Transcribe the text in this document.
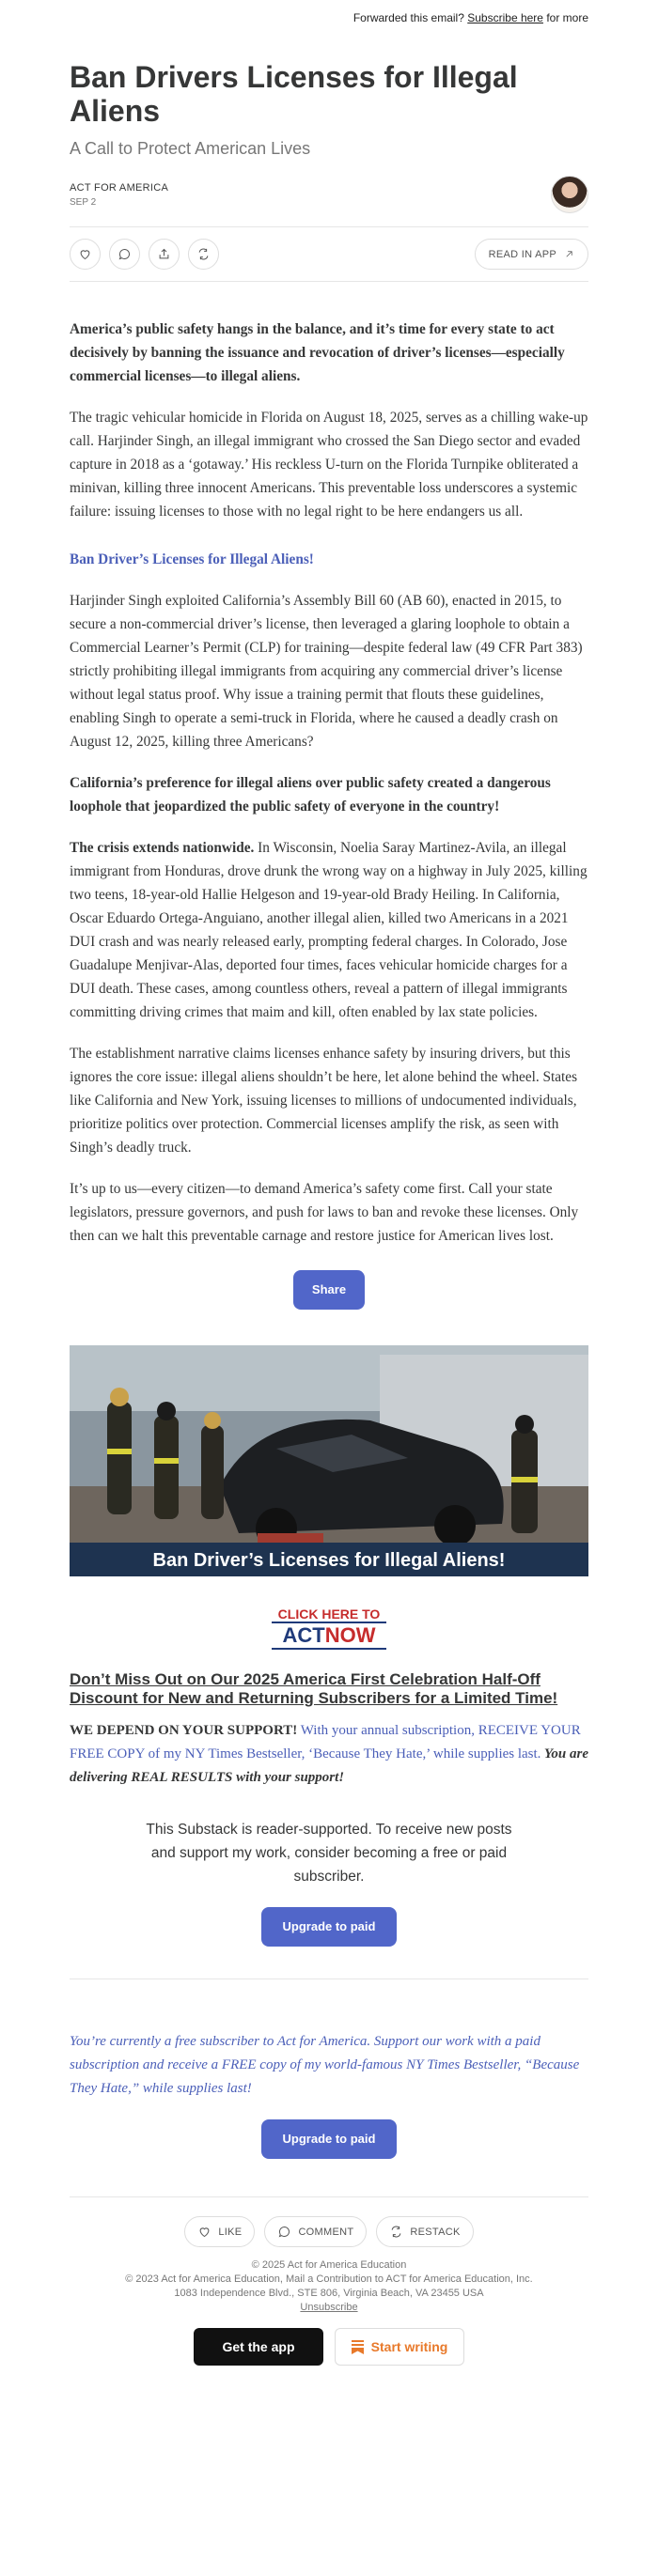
Forwarded this email? Subscribe here for more
Ban Drivers Licenses for Illegal Aliens
A Call to Protect American Lives
ACT FOR AMERICA
SEP 2
READ IN APP

America’s public safety hangs in the balance, and it’s time for every state to act decisively by banning the issuance and revocation of driver’s licenses—especially commercial licenses—to illegal aliens.

The tragic vehicular homicide in Florida on August 18, 2025, serves as a chilling wake-up call. Harjinder Singh, an illegal immigrant who crossed the San Diego sector and evaded capture in 2018 as a ‘gotaway.’ His reckless U-turn on the Florida Turnpike obliterated a minivan, killing three innocent Americans. This preventable loss underscores a systemic failure: issuing licenses to those with no legal right to be here endangers us all.

Ban Driver’s Licenses for Illegal Aliens!

Harjinder Singh exploited California’s Assembly Bill 60 (AB 60), enacted in 2015, to secure a non-commercial driver’s license, then leveraged a glaring loophole to obtain a Commercial Learner’s Permit (CLP) for training—despite federal law (49 CFR Part 383) strictly prohibiting illegal immigrants from acquiring any commercial driver’s license without legal status proof. Why issue a training permit that flouts these guidelines, enabling Singh to operate a semi-truck in Florida, where he caused a deadly crash on August 12, 2025, killing three Americans?

California’s preference for illegal aliens over public safety created a dangerous loophole that jeopardized the public safety of everyone in the country!

The crisis extends nationwide. In Wisconsin, Noelia Saray Martinez-Avila, an illegal immigrant from Honduras, drove drunk the wrong way on a highway in July 2025, killing two teens, 18-year-old Hallie Helgeson and 19-year-old Brady Heiling. In California, Oscar Eduardo Ortega-Anguiano, another illegal alien, killed two Americans in a 2021 DUI crash and was nearly released early, prompting federal charges. In Colorado, Jose Guadalupe Menjivar-Alas, deported four times, faces vehicular homicide charges for a DUI death. These cases, among countless others, reveal a pattern of illegal immigrants committing driving crimes that maim and kill, often enabled by lax state policies.

The establishment narrative claims licenses enhance safety by insuring drivers, but this ignores the core issue: illegal aliens shouldn’t be here, let alone behind the wheel. States like California and New York, issuing licenses to millions of undocumented individuals, prioritize politics over protection. Commercial licenses amplify the risk, as seen with Singh’s deadly truck.

It’s up to us—every citizen—to demand America’s safety come first. Call your state legislators, pressure governors, and push for laws to ban and revoke these licenses. Only then can we halt this preventable carnage and restore justice for American lives lost.

Share
Ban Driver’s Licenses for Illegal Aliens!
CLICK HERE TO
ACTNOW
Don’t Miss Out on Our 2025 America First Celebration Half-Off Discount for New and Returning Subscribers for a Limited Time!
WE DEPEND ON YOUR SUPPORT! With your annual subscription, RECEIVE YOUR FREE COPY of my NY Times Bestseller, ‘Because They Hate,’ while supplies last. You are delivering REAL RESULTS with your support!
This Substack is reader-supported. To receive new posts and support my work, consider becoming a free or paid subscriber.
Upgrade to paid
You’re currently a free subscriber to Act for America. Support our work with a paid subscription and receive a FREE copy of my world-famous NY Times Bestseller, “Because They Hate,” while supplies last!
Upgrade to paid
LIKE	COMMENT	RESTACK
© 2025 Act for America Education
© 2023 Act for America Education, Mail a Contribution to ACT for America Education, Inc.
1083 Independence Blvd., STE 806, Virginia Beach, VA 23455 USA
Unsubscribe
Get the app	Start writing
